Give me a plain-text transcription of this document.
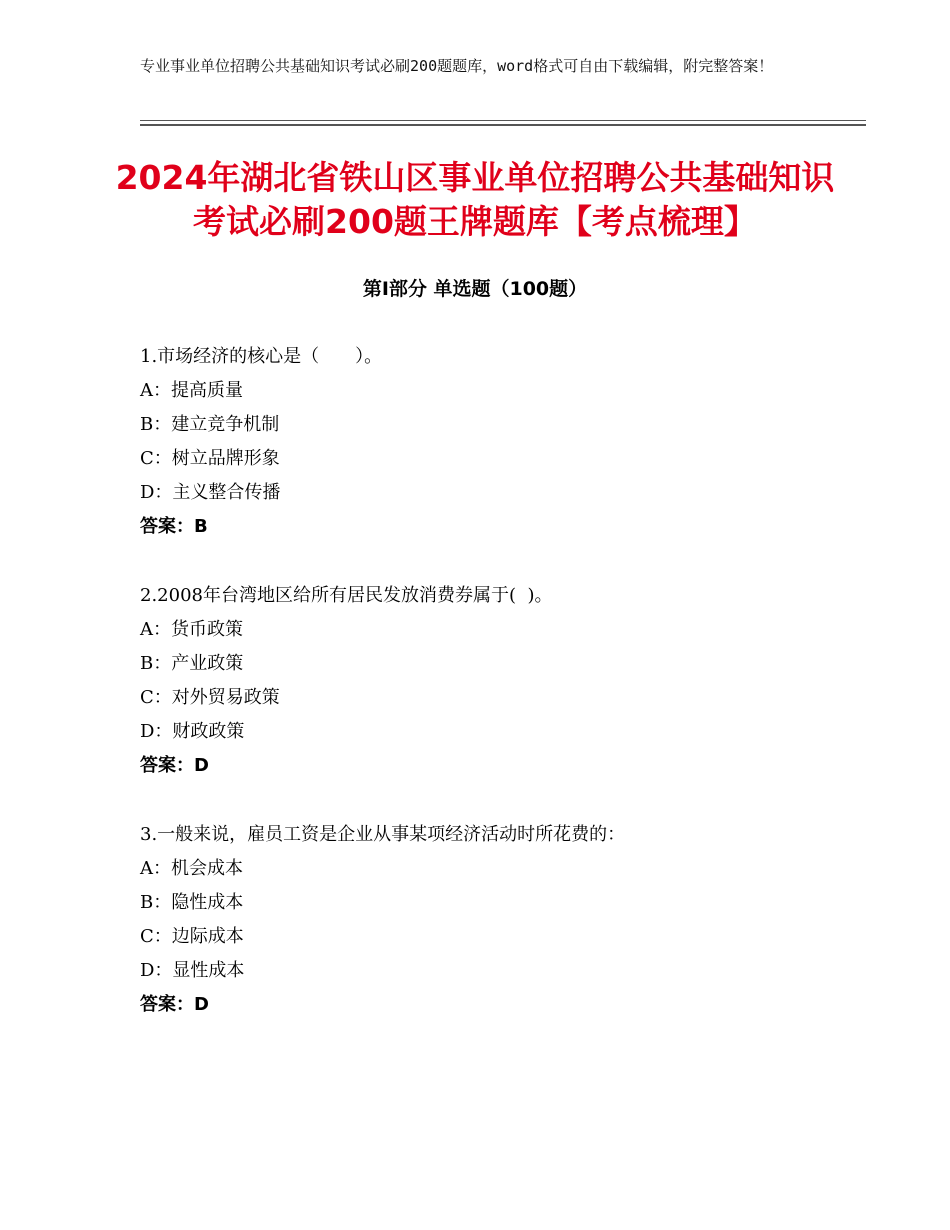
专业事业单位招聘公共基础知识考试必刷200题题库，word格式可自由下载编辑，附完整答案！
2024年湖北省铁山区事业单位招聘公共基础知识考试必刷200题王牌题库【考点梳理】
第Ⅰ部分 单选题（100题）
1.市场经济的核心是（　　）。
A：提高质量
B：建立竞争机制
C：树立品牌形象
D：主义整合传播
答案：B
2.2008年台湾地区给所有居民发放消费券属于(  )。
A：货币政策
B：产业政策
C：对外贸易政策
D：财政政策
答案：D
3.一般来说，雇员工资是企业从事某项经济活动时所花费的：
A：机会成本
B：隐性成本
C：边际成本
D：显性成本
答案：D
